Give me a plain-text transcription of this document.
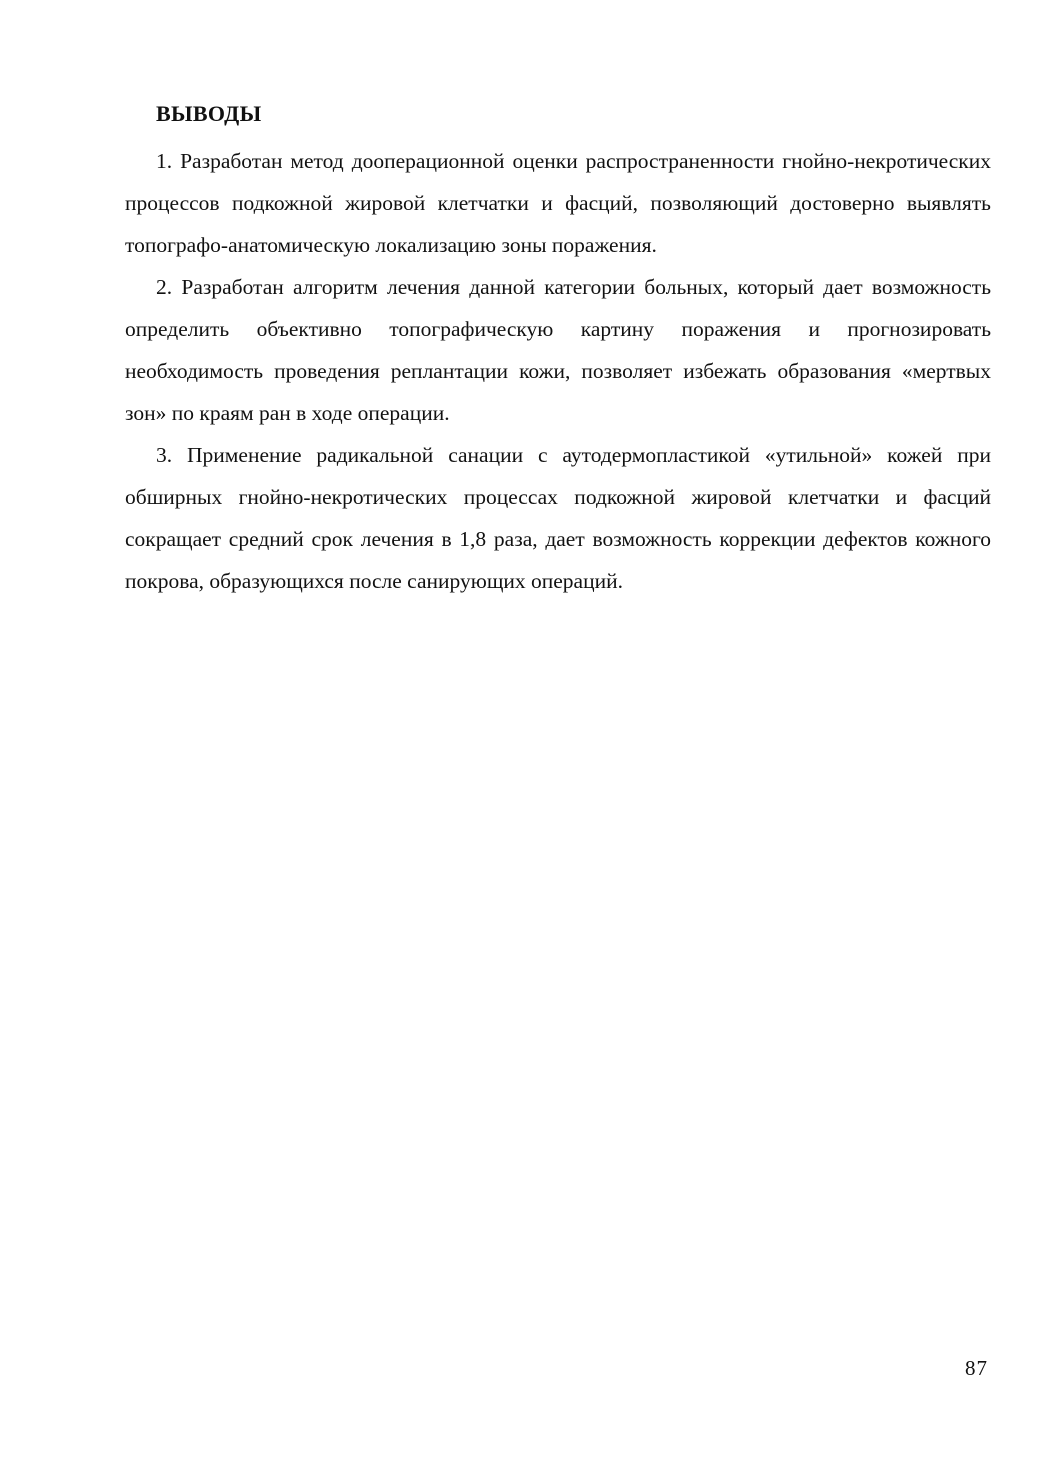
ВЫВОДЫ

1. Разработан метод дооперационной оценки распространенности гнойно-некротических процессов подкожной жировой клетчатки и фасций, позволяющий достоверно выявлять топографо-анатомическую локализацию зоны поражения.

2. Разработан алгоритм лечения данной категории больных, который дает возможность определить объективно топографическую картину поражения и прогнозировать необходимость проведения реплантации кожи, позволяет избежать образования «мертвых зон» по краям ран в ходе операции.

3. Применение радикальной санации с аутодермопластикой «утильной» кожей при обширных гнойно-некротических процессах подкожной жировой клетчатки и фасций сокращает средний срок лечения в 1,8 раза, дает возможность коррекции дефектов кожного покрова, образующихся после санирующих операций.

87
